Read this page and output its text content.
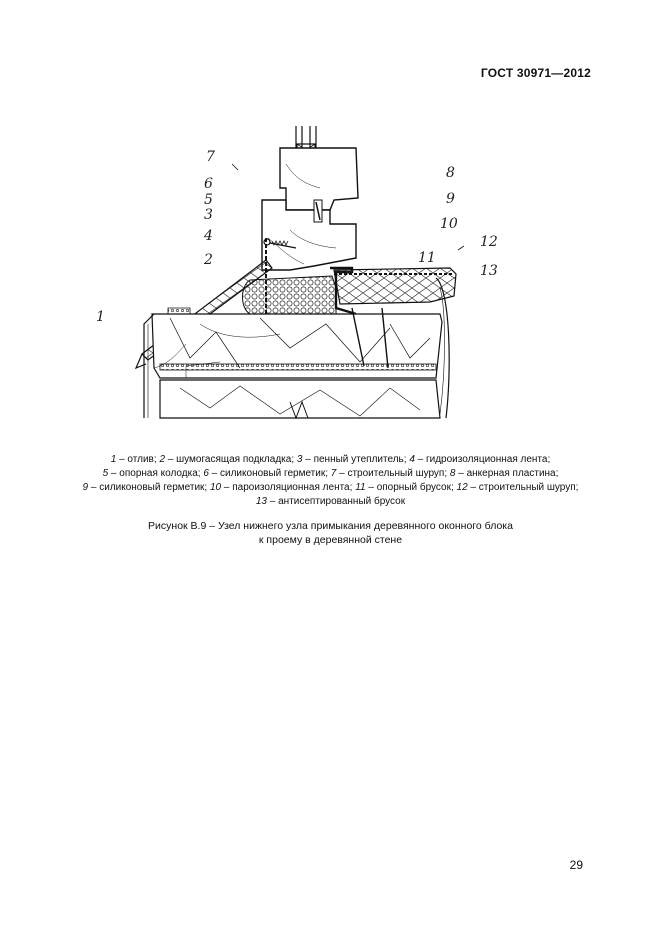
ГОСТ 30971—2012
7
6
5
3
4
2
1
8
9
10
12
11
13
1 – отлив; 2 – шумогасящая подкладка; 3 – пенный утеплитель; 4 – гидроизоляционная лента;
5 – опорная колодка; 6 – силиконовый герметик; 7 – строительный шуруп; 8 – анкерная пластина;
9 – силиконовый герметик; 10 – пароизоляционная лента; 11 – опорный брусок; 12 – строительный шуруп;
13 – антисептированный брусок
Рисунок В.9 – Узел нижнего узла примыкания деревянного оконного блока
к проему в деревянной стене
29
